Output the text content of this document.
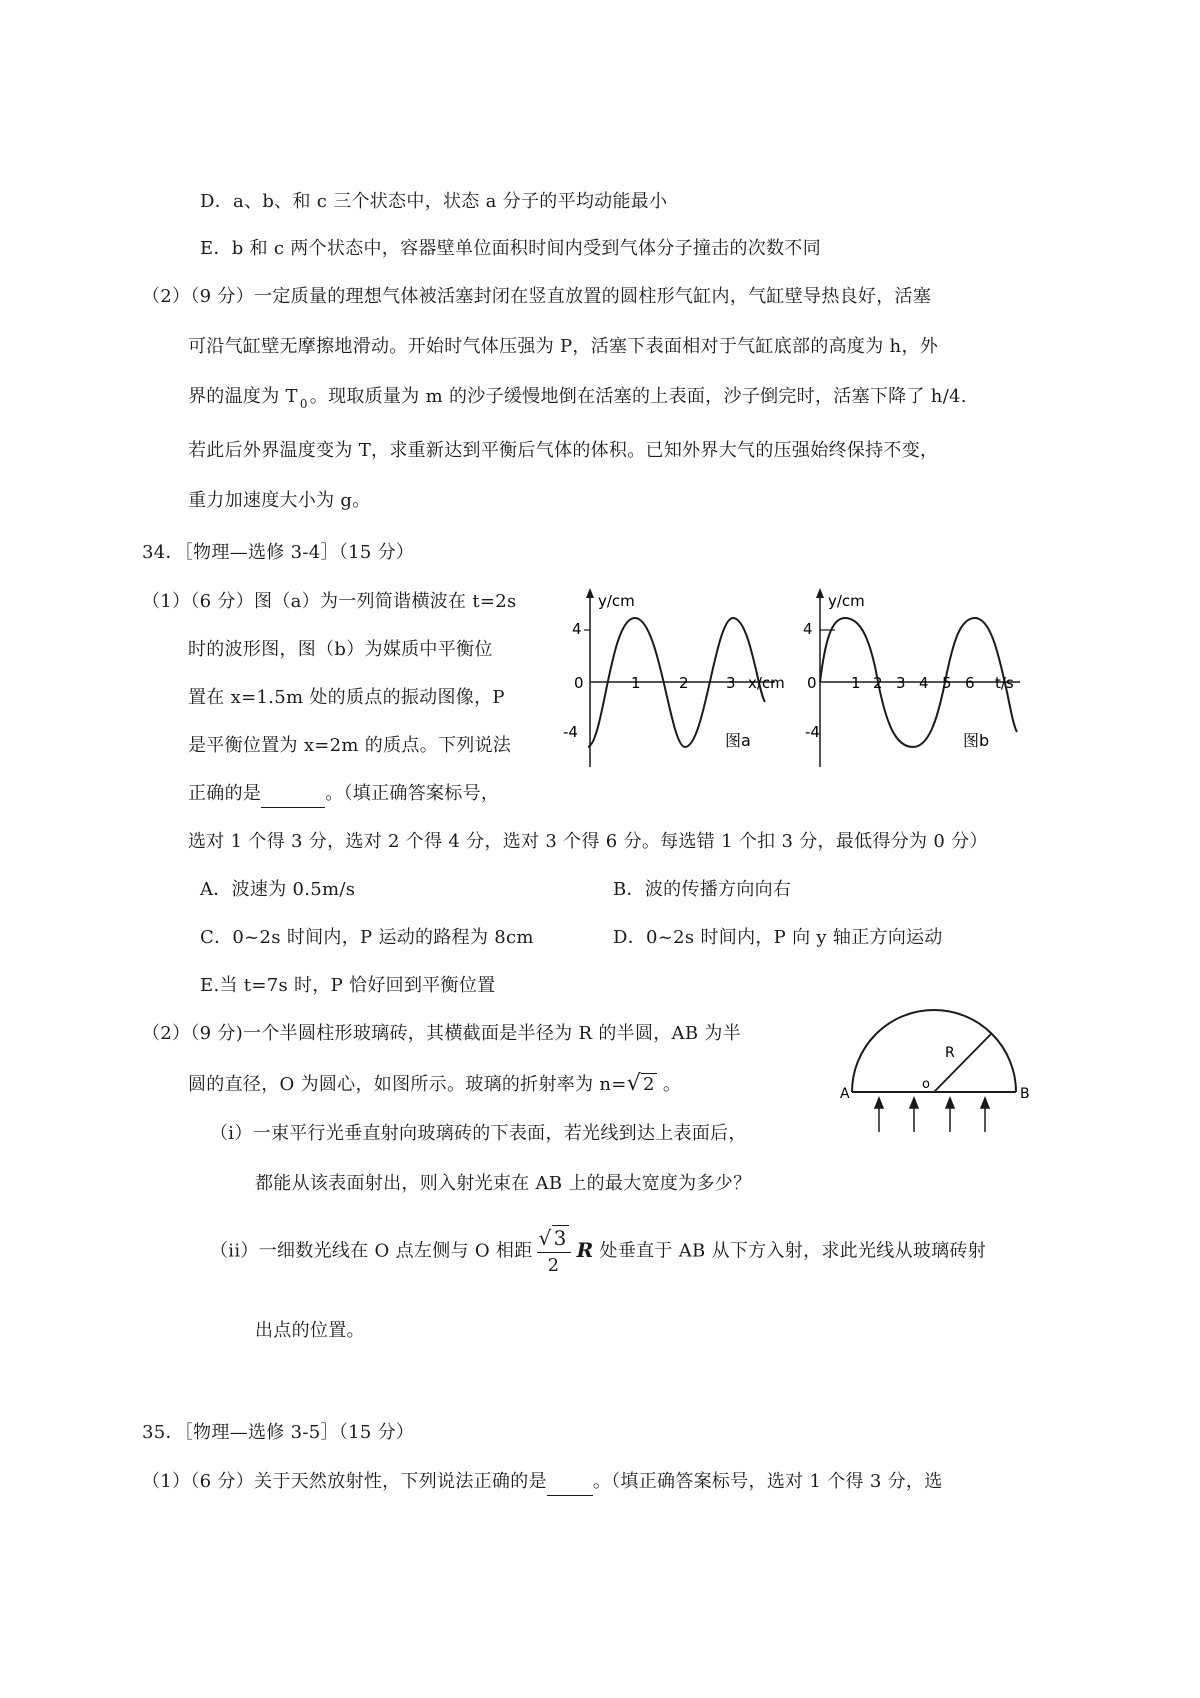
D．a、b、和 c 三个状态中，状态 a 分子的平均动能最小
E．b 和 c 两个状态中，容器壁单位面积时间内受到气体分子撞击的次数不同
（2）（9 分）一定质量的理想气体被活塞封闭在竖直放置的圆柱形气缸内，气缸壁导热良好，活塞
可沿气缸壁无摩擦地滑动。开始时气体压强为 P，活塞下表面相对于气缸底部的高度为 h，外
界的温度为 T $_0$ 。现取质量为 m 的沙子缓慢地倒在活塞的上表面，沙子倒完时，活塞下降了 h/4.
若此后外界温度变为 T，求重新达到平衡后气体的体积。已知外界大气的压强始终保持不变，
重力加速度大小为 g。
34．［物理—选修 3-4］（15 分）
（1）（6 分）图（a）为一列简谐横波在 t=2s
时的波形图，图（b）为媒质中平衡位
置在 x=1.5m 处的质点的振动图像，P
是平衡位置为 x=2m 的质点。下列说法
正确的是	。（填正确答案标号，
选对 1 个得 3 分，选对 2 个得 4 分，选对 3 个得 6 分。每选错 1 个扣 3 分，最低得分为 0 分）
A．波速为 0.5m/s	B．波的传播方向向右
C．0~2s 时间内，P 运动的路程为 8cm	D．0~2s 时间内，P 向 y 轴正方向运动
E.当 t=7s 时，P 恰好回到平衡位置
4
-4
y/cm
0	1	2 3 x/cm
图a
4
-4
y/cm
0 1 2 3 4 5 6 t/s
图b
（2）（9 分)一个半圆柱形玻璃砖，其横截面是半径为 R 的半圆，AB 为半
圆的直径，O 为圆心，如图所示。玻璃的折射率为 n=√ 2 。
（i）一束平行光垂直射向玻璃砖的下表面，若光线到达上表面后，
都能从该表面射出，则入射光束在 AB 上的最大宽度为多少？
（ii）一细数光线在 O 点左侧与 O 相距 $\frac{√ 3}{2}$ R 处垂直于 AB 从下方入射，求此光线从玻璃砖射
出点的位置。
R
o
A	B
35．［物理—选修 3-5］（15 分）
（1）（6 分）关于天然放射性，下列说法正确的是	。（填正确答案标号，选对 1 个得 3 分，选
